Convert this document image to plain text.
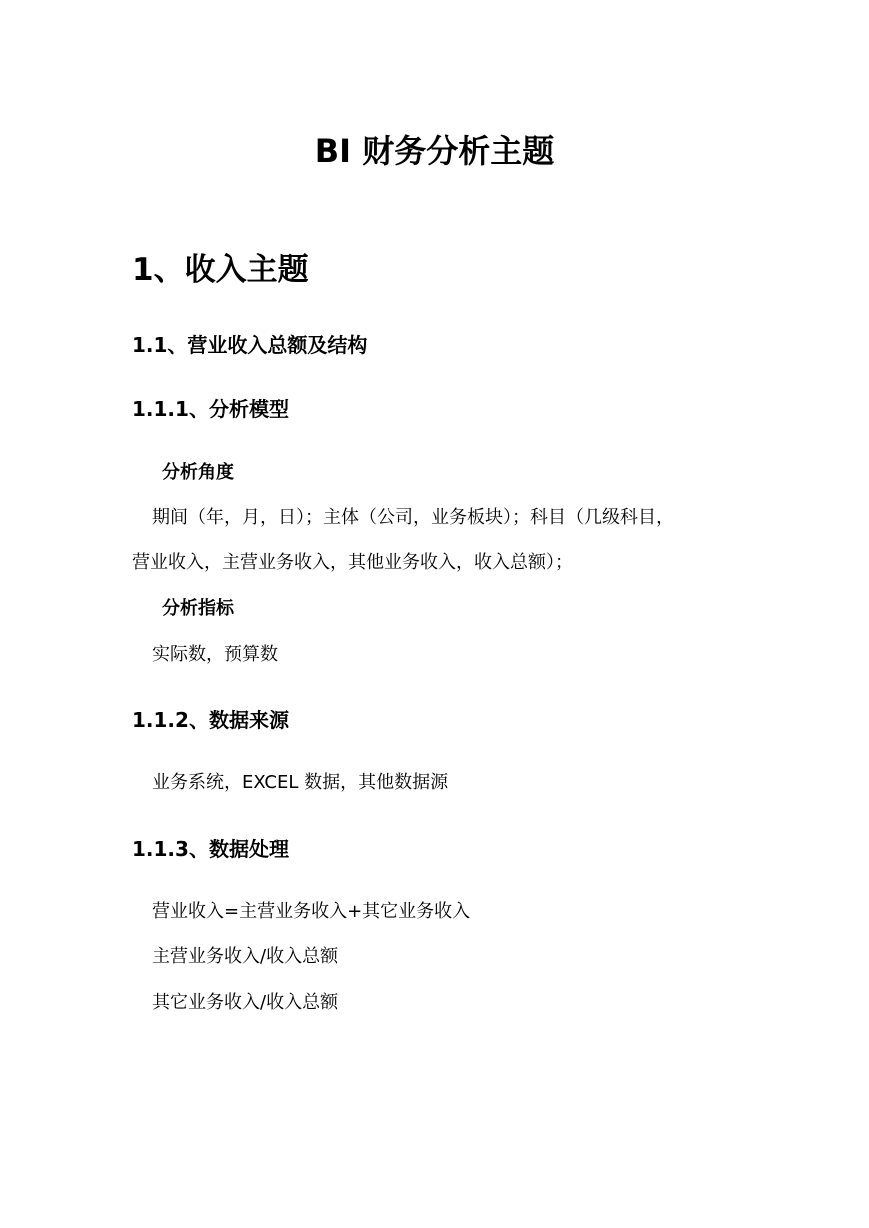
BI 财务分析主题
1、收入主题
1.1、营业收入总额及结构
1.1.1、分析模型
分析角度

期间（年，月，日）；主体（公司，业务板块）；科目（几级科目，

营业收入，主营业务收入，其他业务收入，收入总额）；

分析指标

实际数，预算数

1.1.2、数据来源

业务系统，EXCEL 数据，其他数据源

1.1.3、数据处理

营业收入=主营业务收入+其它业务收入

主营业务收入/收入总额

其它业务收入/收入总额
